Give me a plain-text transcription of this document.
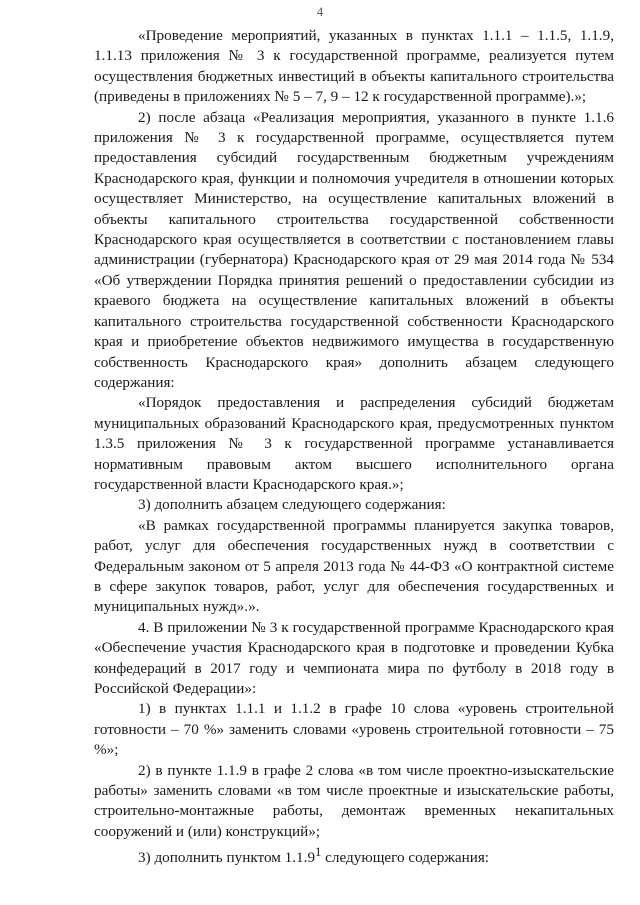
4

«Проведение мероприятий, указанных в пунктах 1.1.1 – 1.1.5, 1.1.9, 1.1.13 приложения № 3 к государственной программе, реализуется путем осуществления бюджетных инвестиций в объекты капитального строительства (приведены в приложениях № 5 – 7, 9 – 12 к государственной программе).»;

2) после абзаца «Реализация мероприятия, указанного в пункте 1.1.6 приложения № 3 к государственной программе, осуществляется путем предоставления субсидий государственным бюджетным учреждениям Краснодарского края, функции и полномочия учредителя в отношении которых осуществляет Министерство, на осуществление капитальных вложений в объекты капитального строительства государственной собственности Краснодарского края осуществляется в соответствии с постановлением главы администрации (губернатора) Краснодарского края от 29 мая 2014 года № 534 «Об утверждении Порядка принятия решений о предоставлении субсидии из краевого бюджета на осуществление капитальных вложений в объекты капитального строительства государственной собственности Краснодарского края и приобретение объектов недвижимого имущества в государственную собственность Краснодарского края» дополнить абзацем следующего содержания:

«Порядок предоставления и распределения субсидий бюджетам муниципальных образований Краснодарского края, предусмотренных пунктом 1.3.5 приложения № 3 к государственной программе устанавливается нормативным правовым актом высшего исполнительного органа государственной власти Краснодарского края.»;

3) дополнить абзацем следующего содержания:

«В рамках государственной программы планируется закупка товаров, работ, услуг для обеспечения государственных нужд в соответствии с Федеральным законом от 5 апреля 2013 года № 44-ФЗ «О контрактной системе в сфере закупок товаров, работ, услуг для обеспечения государственных и муниципальных нужд».».

4. В приложении № 3 к государственной программе Краснодарского края «Обеспечение участия Краснодарского края в подготовке и проведении Кубка конфедераций в 2017 году и чемпионата мира по футболу в 2018 году в Российской Федерации»:

1) в пунктах 1.1.1 и 1.1.2 в графе 10 слова «уровень строительной готовности – 70 %» заменить словами «уровень строительной готовности – 75 %»;

2) в пункте 1.1.9 в графе 2 слова «в том числе проектно-изыскательские работы» заменить словами «в том числе проектные и изыскательские работы, строительно-монтажные работы, демонтаж временных некапитальных сооружений и (или) конструкций»;

3) дополнить пунктом 1.1.9$^1$ следующего содержания:
